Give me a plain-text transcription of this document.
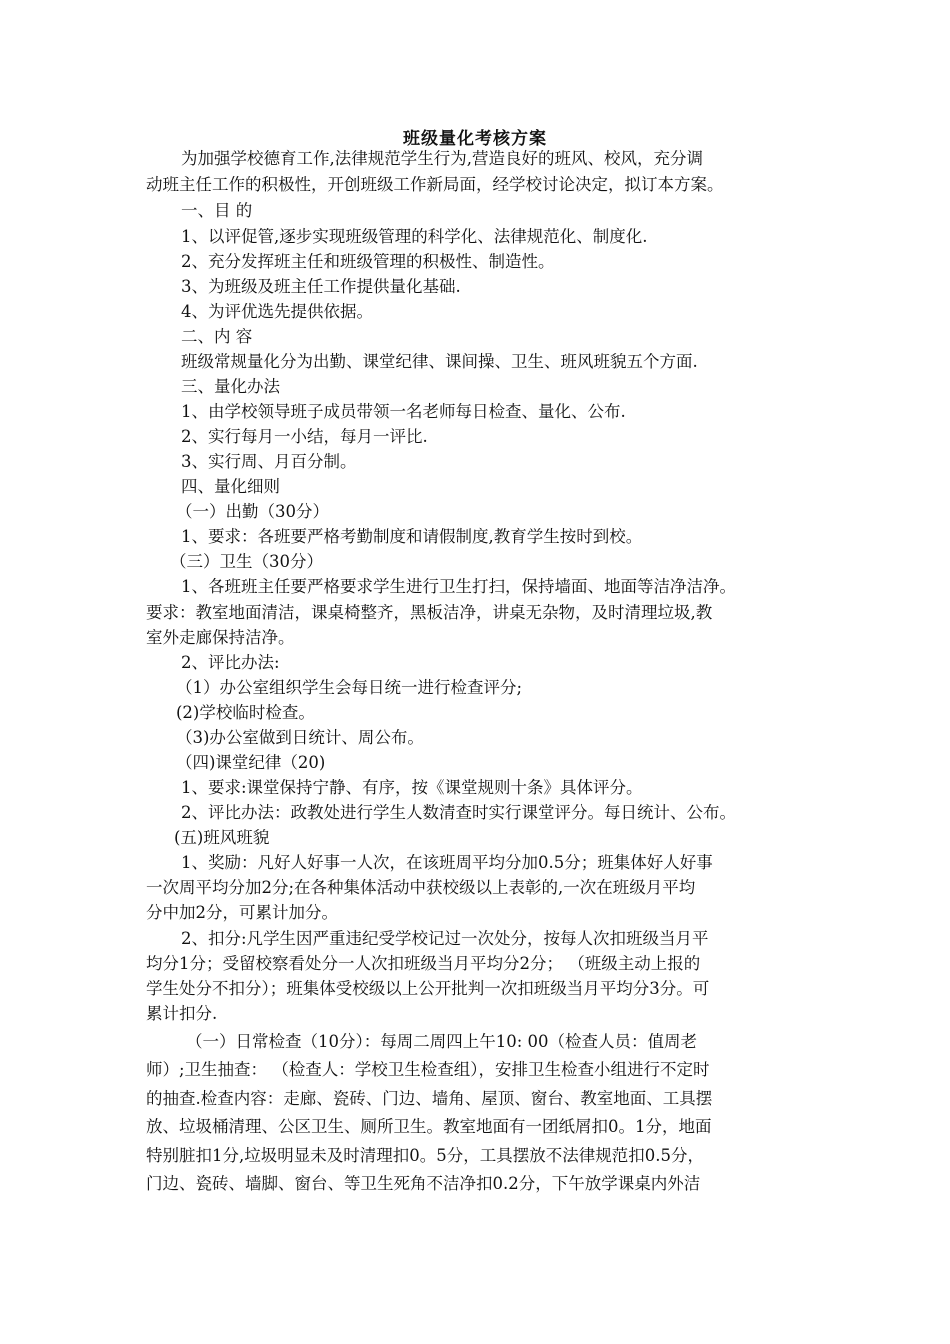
班级量化考核方案
为加强学校德育工作,法律规范学生行为,营造良好的班风、校风，充分调
动班主任工作的积极性，开创班级工作新局面，经学校讨论决定，拟订本方案。
一、目 的
1、以评促管,逐步实现班级管理的科学化、法律规范化、制度化.
2、充分发挥班主任和班级管理的积极性、制造性。
3、为班级及班主任工作提供量化基础.
4、为评优选先提供依据。
二、内 容
班级常规量化分为出勤、课堂纪律、课间操、卫生、班风班貌五个方面.
三、量化办法
1、由学校领导班子成员带领一名老师每日检查、量化、公布.
2、实行每月一小结，每月一评比.
3、实行周、月百分制。
四、量化细则
（一）出勤（30分）
1、要求：各班要严格考勤制度和请假制度,教育学生按时到校。
（三）卫生（30分）
1、各班班主任要严格要求学生进行卫生打扫，保持墙面、地面等洁净洁净。
要求：教室地面清洁，课桌椅整齐，黑板洁净，讲桌无杂物，及时清理垃圾,教
室外走廊保持洁净。
2、评比办法:
（1）办公室组织学生会每日统一进行检查评分;
(2)学校临时检查。
（3)办公室做到日统计、周公布。
（四)课堂纪律（20)
1、要求:课堂保持宁静、有序，按《课堂规则十条》具体评分。
2、评比办法：政教处进行学生人数清查时实行课堂评分。每日统计、公布。
(五)班风班貌
1、奖励：凡好人好事一人次，在该班周平均分加0.5分；班集体好人好事
一次周平均分加2分;在各种集体活动中获校级以上表彰的,一次在班级月平均
分中加2分，可累计加分。
2、扣分:凡学生因严重违纪受学校记过一次处分，按每人次扣班级当月平
均分1分；受留校察看处分一人次扣班级当月平均分2分； （班级主动上报的
学生处分不扣分）；班集体受校级以上公开批判一次扣班级当月平均分3分。可
累计扣分.
（一）日常检查（10分）：每周二周四上午10: 00（检查人员：值周老
师）;卫生抽查： （检查人：学校卫生检查组），安排卫生检查小组进行不定时
的抽查.检查内容：走廊、瓷砖、门边、墙角、屋顶、窗台、教室地面、工具摆
放、垃圾桶清理、公区卫生、厕所卫生。教室地面有一团纸屑扣0。1分，地面
特别脏扣1分,垃圾明显未及时清理扣0。5分，工具摆放不法律规范扣0.5分，
门边、瓷砖、墙脚、窗台、等卫生死角不洁净扣0.2分，下午放学课桌内外洁
